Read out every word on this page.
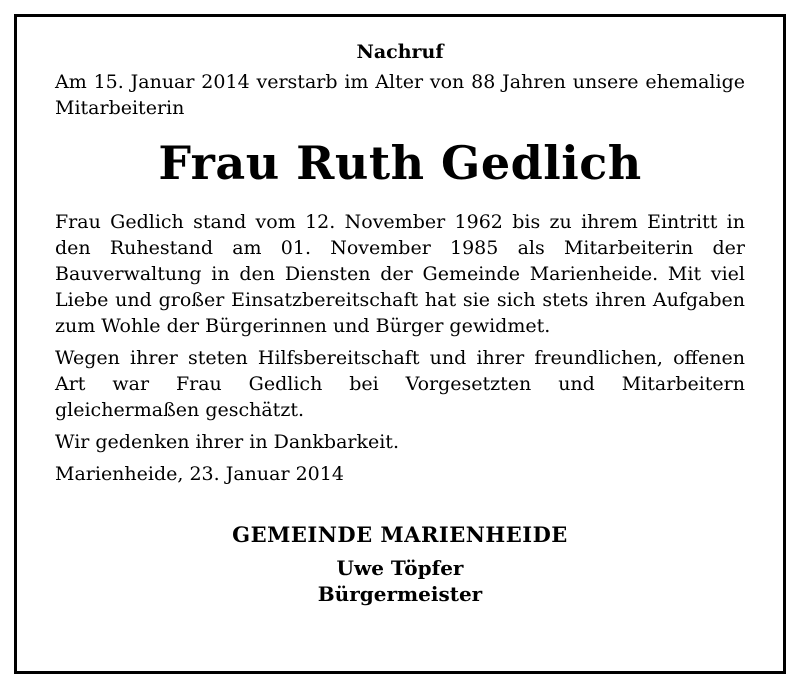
Nachruf

Am 15. Januar 2014 verstarb im Alter von 88 Jahren unsere ehemalige Mitarbeiterin

Frau Ruth Gedlich

Frau Gedlich stand vom 12. November 1962 bis zu ihrem Eintritt in den Ruhestand am 01. November 1985 als Mitarbeiterin der Bauverwaltung in den Diensten der Gemeinde Marienheide. Mit viel Liebe und großer Einsatzbereitschaft hat sie sich stets ihren Aufgaben zum Wohle der Bürgerinnen und Bürger gewidmet.

Wegen ihrer steten Hilfsbereitschaft und ihrer freundlichen, offenen Art war Frau Gedlich bei Vorgesetzten und Mitarbeitern gleichermaßen geschätzt.

Wir gedenken ihrer in Dankbarkeit.

Marienheide, 23. Januar 2014

GEMEINDE MARIENHEIDE
Uwe Töpfer
Bürgermeister
